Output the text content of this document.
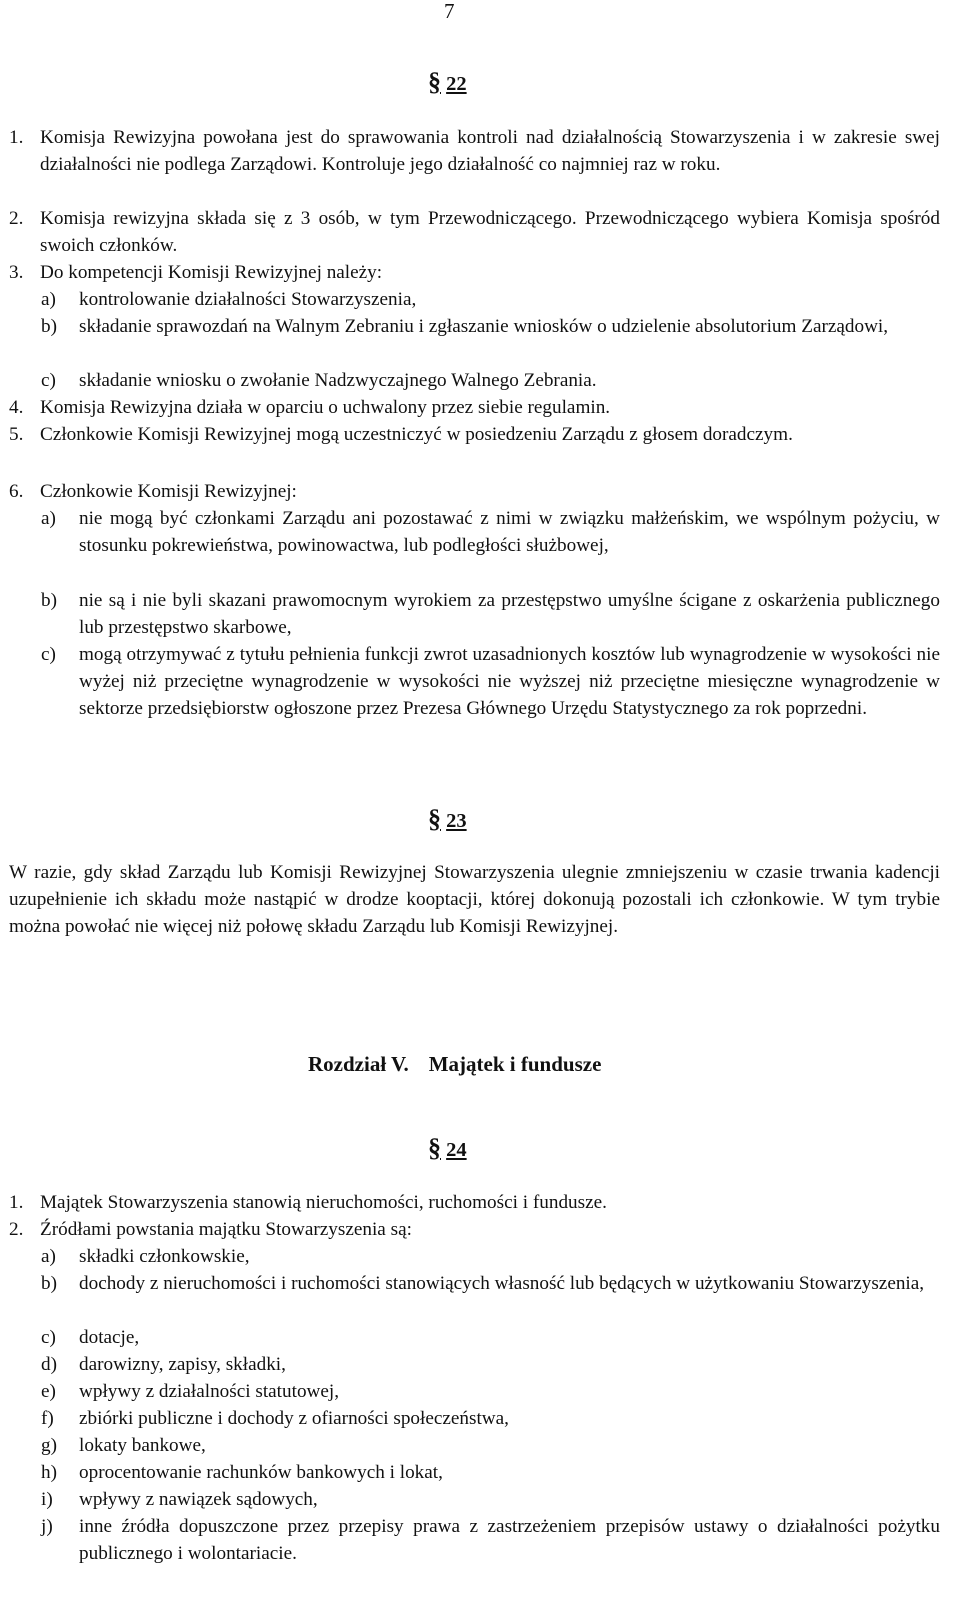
7
§ 22
1. Komisja Rewizyjna powołana jest do sprawowania kontroli nad działalnością Stowarzyszenia i w zakresie swej działalności nie podlega Zarządowi. Kontroluje jego działalność co najmniej raz w roku.
2. Komisja rewizyjna składa się z 3 osób, w tym Przewodniczącego. Przewodniczącego wybiera Komisja spośród swoich członków.
3. Do kompetencji Komisji Rewizyjnej należy:
a)	kontrolowanie działalności Stowarzyszenia,
b)	składanie sprawozdań na Walnym Zebraniu i zgłaszanie wniosków o udzielenie absolutorium Zarządowi,
c)	składanie wniosku o zwołanie Nadzwyczajnego Walnego Zebrania.
4. Komisja Rewizyjna działa w oparciu o uchwalony przez siebie regulamin.
5. Członkowie Komisji Rewizyjnej mogą uczestniczyć w posiedzeniu Zarządu z głosem doradczym.
6. Członkowie Komisji Rewizyjnej:
a)	nie mogą być członkami Zarządu ani pozostawać z nimi w związku małżeńskim, we wspólnym pożyciu, w stosunku pokrewieństwa, powinowactwa, lub podległości służbowej,
b)	nie są i nie byli skazani prawomocnym wyrokiem za przestępstwo umyślne ścigane z oskarżenia publicznego lub przestępstwo skarbowe,
c)	mogą otrzymywać z tytułu pełnienia funkcji zwrot uzasadnionych kosztów lub wynagrodzenie w wysokości nie wyżej niż przeciętne wynagrodzenie w wysokości nie wyższej niż przeciętne miesięczne wynagrodzenie w sektorze przedsiębiorstw ogłoszone przez Prezesa Głównego Urzędu Statystycznego za rok poprzedni.
§ 23
W razie, gdy skład Zarządu lub Komisji Rewizyjnej Stowarzyszenia ulegnie zmniejszeniu w czasie trwania kadencji uzupełnienie ich składu może nastąpić w drodze kooptacji, której dokonują pozostali ich członkowie. W tym trybie można powołać nie więcej niż połowę składu Zarządu lub Komisji Rewizyjnej.
Rozdział V. Majątek i fundusze
§ 24
1. Majątek Stowarzyszenia stanowią nieruchomości, ruchomości i fundusze.
2. Źródłami powstania majątku Stowarzyszenia są:
a)	składki członkowskie,
b)	dochody z nieruchomości i ruchomości stanowiących własność lub będących w użytkowaniu Stowarzyszenia,
c)	dotacje,
d)	darowizny, zapisy, składki,
e)	wpływy z działalności statutowej,
f)	zbiórki publiczne i dochody z ofiarności społeczeństwa,
g)	lokaty bankowe,
h)	oprocentowanie rachunków bankowych i lokat,
i)	wpływy z nawiązek sądowych,
j)	inne źródła dopuszczone przez przepisy prawa z zastrzeżeniem przepisów ustawy o działalności pożytku publicznego i wolontariacie.
